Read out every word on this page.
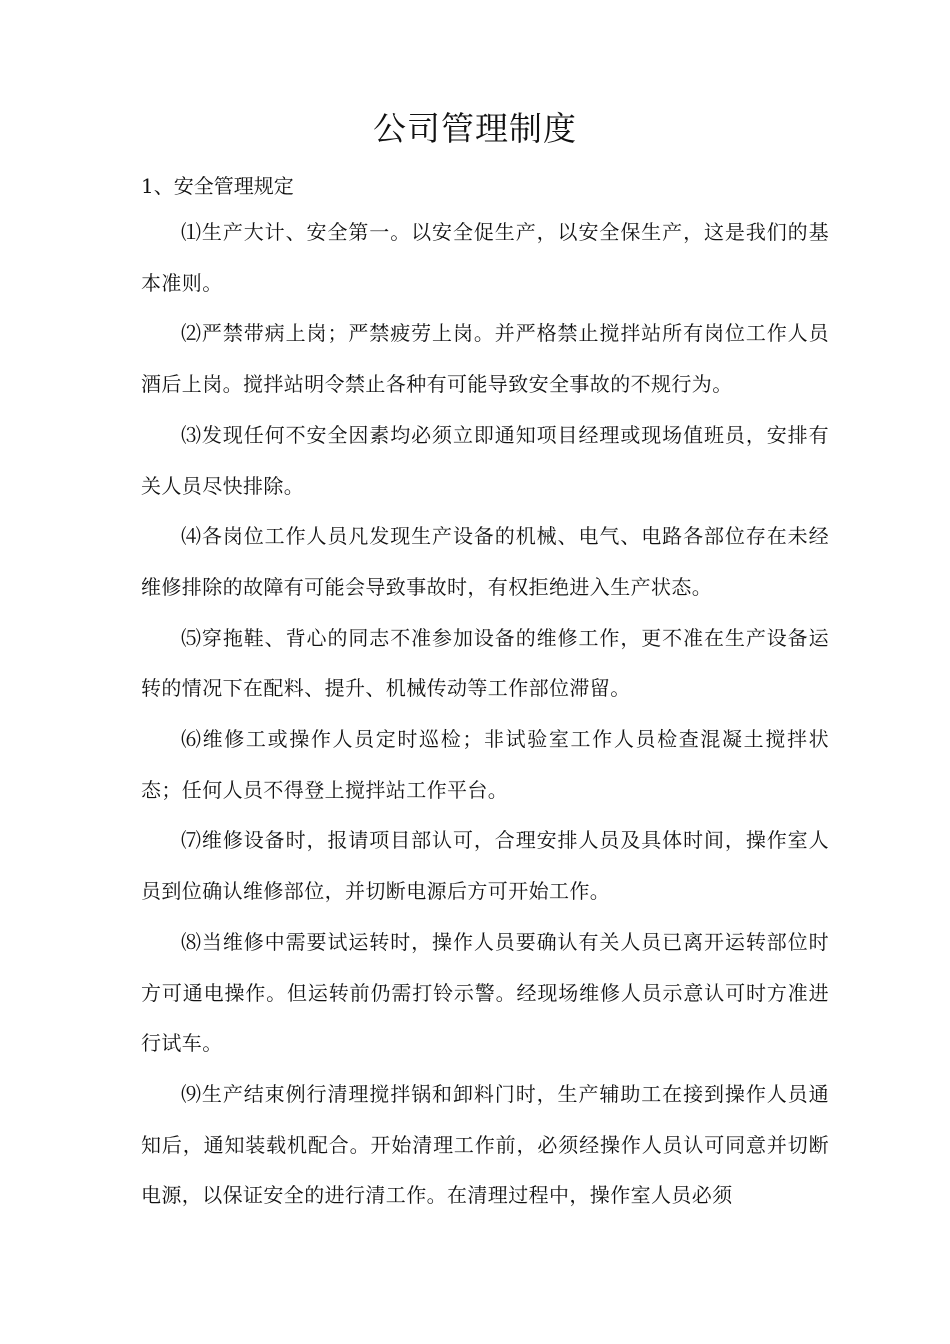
公司管理制度
1、安全管理规定

⑴生产大计、安全第一。以安全促生产，以安全保生产，这是我们的基本准则。

⑵严禁带病上岗；严禁疲劳上岗。并严格禁止搅拌站所有岗位工作人员酒后上岗。搅拌站明令禁止各种有可能导致安全事故的不规行为。

⑶发现任何不安全因素均必须立即通知项目经理或现场值班员，安排有关人员尽快排除。

⑷各岗位工作人员凡发现生产设备的机械、电气、电路各部位存在未经维修排除的故障有可能会导致事故时，有权拒绝进入生产状态。

⑸穿拖鞋、背心的同志不准参加设备的维修工作，更不准在生产设备运转的情况下在配料、提升、机械传动等工作部位滞留。

⑹维修工或操作人员定时巡检；非试验室工作人员检查混凝土搅拌状态；任何人员不得登上搅拌站工作平台。

⑺维修设备时，报请项目部认可，合理安排人员及具体时间，操作室人员到位确认维修部位，并切断电源后方可开始工作。

⑻当维修中需要试运转时，操作人员要确认有关人员已离开运转部位时方可通电操作。但运转前仍需打铃示警。经现场维修人员示意认可时方准进行试车。

⑼生产结束例行清理搅拌锅和卸料门时，生产辅助工在接到操作人员通知后，通知装载机配合。开始清理工作前，必须经操作人员认可同意并切断电源，以保证安全的进行清工作。在清理过程中，操作室人员必须
